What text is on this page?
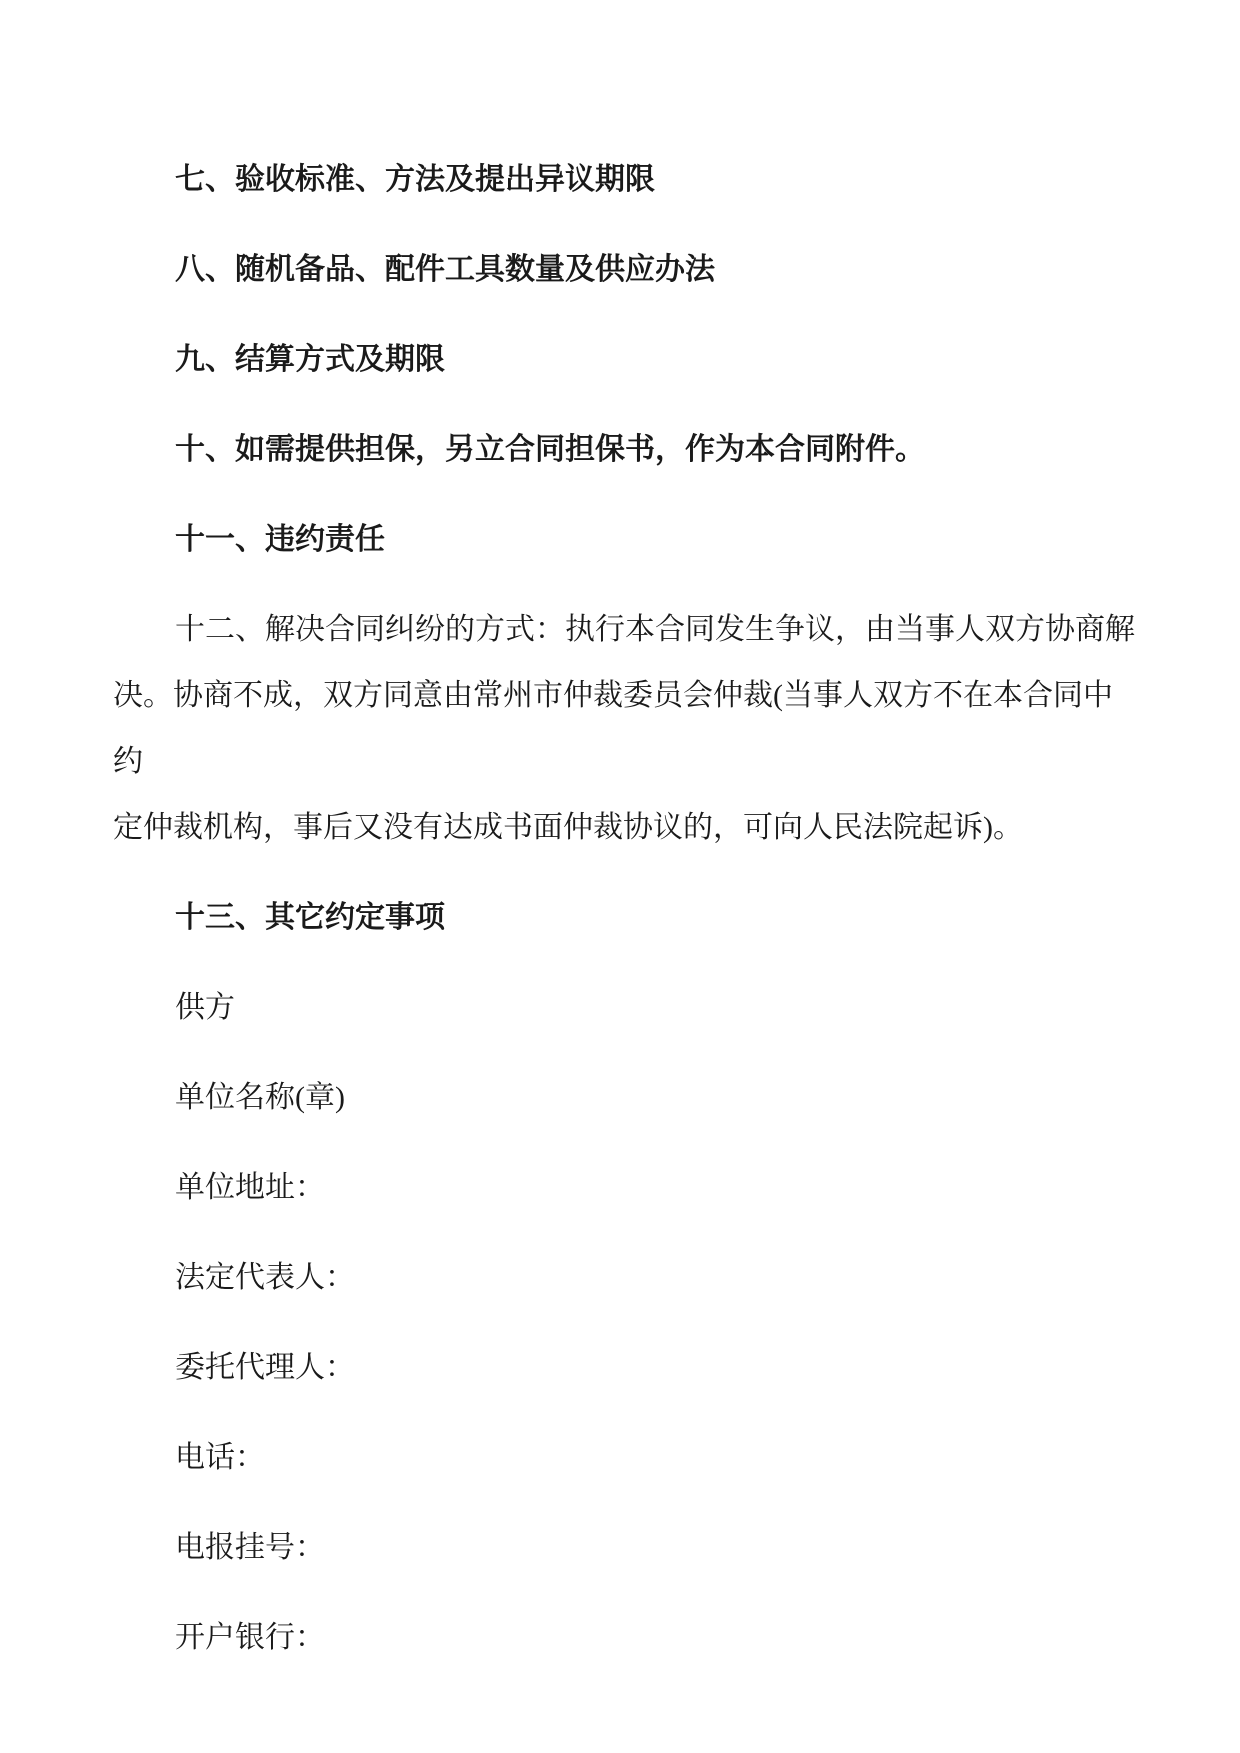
七、验收标准、方法及提出异议期限

八、随机备品、配件工具数量及供应办法

九、结算方式及期限

十、如需提供担保，另立合同担保书，作为本合同附件。

十一、违约责任

十二、解决合同纠纷的方式：执行本合同发生争议，由当事人双方协商解
决。协商不成，双方同意由常州市仲裁委员会仲裁(当事人双方不在本合同中约
定仲裁机构，事后又没有达成书面仲裁协议的，可向人民法院起诉)。

十三、其它约定事项

供方

单位名称(章)

单位地址：

法定代表人：

委托代理人：

电话：

电报挂号：

开户银行：
